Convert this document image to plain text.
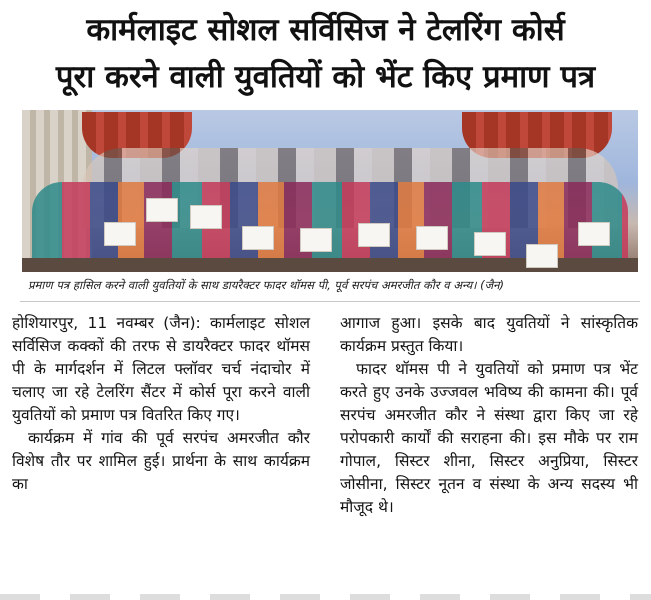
कार्मलाइट सोशल सर्विसिज ने टेलरिंग कोर्स
पूरा करने वाली युवतियों को भेंट किए प्रमाण पत्र
प्रमाण पत्र हासिल करने वाली युवतियों के साथ डायरैक्टर फादर थॉमस पी, पूर्व सरपंच अमरजीत कौर व अन्य। (जैन)

होशियारपुर, 11 नवम्बर (जैन): कार्मलाइट सोशल सर्विसिज कक्कों की तरफ से डायरैक्टर फादर थॉमस पी के मार्गदर्शन में लिटल फ्लॉवर चर्च नंदाचोर में चलाए जा रहे टेलरिंग सैंटर में कोर्स पूरा करने वाली युवतियों को प्रमाण पत्र वितरित किए गए।

कार्यक्रम में गांव की पूर्व सरपंच अमरजीत कौर विशेष तौर पर शामिल हुई। प्रार्थना के साथ कार्यक्रम का

आगाज हुआ। इसके बाद युवतियों ने सांस्कृतिक कार्यक्रम प्रस्तुत किया।

फादर थॉमस पी ने युवतियों को प्रमाण पत्र भेंट करते हुए उनके उज्जवल भविष्य की कामना की। पूर्व सरपंच अमरजीत कौर ने संस्था द्वारा किए जा रहे परोपकारी कार्यों की सराहना की। इस मौके पर राम गोपाल, सिस्टर शीना, सिस्टर अनुप्रिया, सिस्टर जोसीना, सिस्टर नूतन व संस्था के अन्य सदस्य भी मौजूद थे।
